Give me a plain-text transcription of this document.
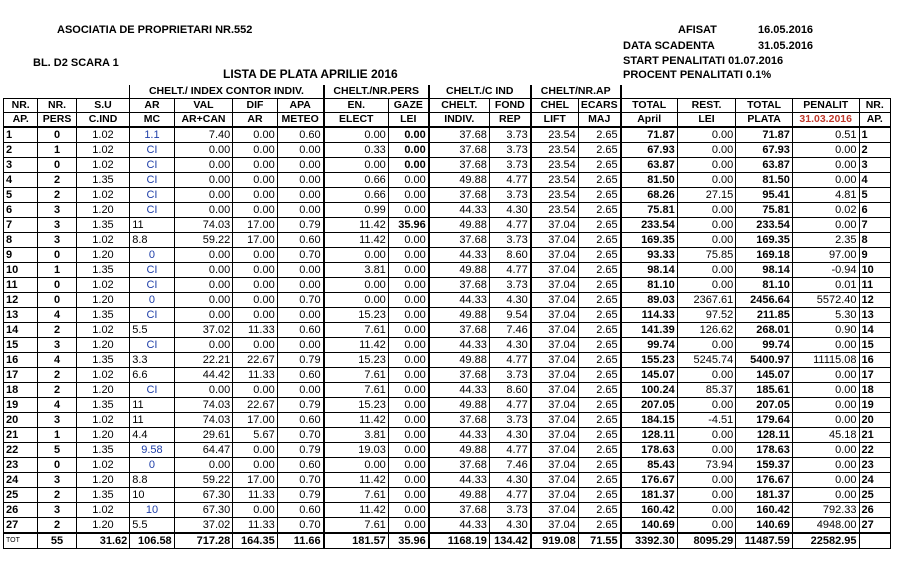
ASOCIATIA DE PROPRIETARI NR.552
BL. D2 SCARA 1
LISTA DE PLATA APRILIE 2016
AFISAT	16.05.2016
DATA SCADENTA	31.05.2016
START PENALITATI 01.07.2016
PROCENT PENALITATI 0.1%
			CHELT./ INDEX CONTOR INDIV.				CHELT./NR.PERS		CHELT./C IND		CHELT/NR.AP						
NR.	NR.	S.U	AR	VAL	DIF	APA	EN.	GAZE	CHELT.	FOND	CHEL	ECARS	TOTAL	REST.	TOTAL	PENALIT	NR.
AP.	PERS	C.IND	MC	AR+CAN	AR	METEO	ELECT	LEI	INDIV.	REP	LIFT	MAJ	April	LEI	PLATA	31.03.2016	AP.
1	0	1.02	1.1	7.40	0.00	0.60	0.00	0.00	37.68	3.73	23.54	2.65	71.87	0.00	71.87	0.51	1
2	1	1.02	CI	0.00	0.00	0.00	0.33	0.00	37.68	3.73	23.54	2.65	67.93	0.00	67.93	0.00	2
3	0	1.02	CI	0.00	0.00	0.00	0.00	0.00	37.68	3.73	23.54	2.65	63.87	0.00	63.87	0.00	3
4	2	1.35	CI	0.00	0.00	0.00	0.66	0.00	49.88	4.77	23.54	2.65	81.50	0.00	81.50	0.00	4
5	2	1.02	CI	0.00	0.00	0.00	0.66	0.00	37.68	3.73	23.54	2.65	68.26	27.15	95.41	4.81	5
6	3	1.20	CI	0.00	0.00	0.00	0.99	0.00	44.33	4.30	23.54	2.65	75.81	0.00	75.81	0.02	6
7	3	1.35	11	74.03	17.00	0.79	11.42	35.96	49.88	4.77	37.04	2.65	233.54	0.00	233.54	0.00	7
8	3	1.02	8.8	59.22	17.00	0.60	11.42	0.00	37.68	3.73	37.04	2.65	169.35	0.00	169.35	2.35	8
9	0	1.20	0	0.00	0.00	0.70	0.00	0.00	44.33	8.60	37.04	2.65	93.33	75.85	169.18	97.00	9
10	1	1.35	CI	0.00	0.00	0.00	3.81	0.00	49.88	4.77	37.04	2.65	98.14	0.00	98.14	-0.94	10
11	0	1.02	CI	0.00	0.00	0.00	0.00	0.00	37.68	3.73	37.04	2.65	81.10	0.00	81.10	0.01	11
12	0	1.20	0	0.00	0.00	0.70	0.00	0.00	44.33	4.30	37.04	2.65	89.03	2367.61	2456.64	5572.40	12
13	4	1.35	CI	0.00	0.00	0.00	15.23	0.00	49.88	9.54	37.04	2.65	114.33	97.52	211.85	5.30	13
14	2	1.02	5.5	37.02	11.33	0.60	7.61	0.00	37.68	7.46	37.04	2.65	141.39	126.62	268.01	0.90	14
15	3	1.20	CI	0.00	0.00	0.00	11.42	0.00	44.33	4.30	37.04	2.65	99.74	0.00	99.74	0.00	15
16	4	1.35	3.3	22.21	22.67	0.79	15.23	0.00	49.88	4.77	37.04	2.65	155.23	5245.74	5400.97	11115.08	16
17	2	1.02	6.6	44.42	11.33	0.60	7.61	0.00	37.68	3.73	37.04	2.65	145.07	0.00	145.07	0.00	17
18	2	1.20	CI	0.00	0.00	0.00	7.61	0.00	44.33	8.60	37.04	2.65	100.24	85.37	185.61	0.00	18
19	4	1.35	11	74.03	22.67	0.79	15.23	0.00	49.88	4.77	37.04	2.65	207.05	0.00	207.05	0.00	19
20	3	1.02	11	74.03	17.00	0.60	11.42	0.00	37.68	3.73	37.04	2.65	184.15	-4.51	179.64	0.00	20
21	1	1.20	4.4	29.61	5.67	0.70	3.81	0.00	44.33	4.30	37.04	2.65	128.11	0.00	128.11	45.18	21
22	5	1.35	9.58	64.47	0.00	0.79	19.03	0.00	49.88	4.77	37.04	2.65	178.63	0.00	178.63	0.00	22
23	0	1.02	0	0.00	0.00	0.60	0.00	0.00	37.68	7.46	37.04	2.65	85.43	73.94	159.37	0.00	23
24	3	1.20	8.8	59.22	17.00	0.70	11.42	0.00	44.33	4.30	37.04	2.65	176.67	0.00	176.67	0.00	24
25	2	1.35	10	67.30	11.33	0.79	7.61	0.00	49.88	4.77	37.04	2.65	181.37	0.00	181.37	0.00	25
26	3	1.02	10	67.30	0.00	0.60	11.42	0.00	37.68	3.73	37.04	2.65	160.42	0.00	160.42	792.33	26
27	2	1.20	5.5	37.02	11.33	0.70	7.61	0.00	44.33	4.30	37.04	2.65	140.69	0.00	140.69	4948.00	27
TOT	55	31.62	106.58	717.28	164.35	11.66	181.57	35.96	1168.19	134.42	919.08	71.55	3392.30	8095.29	11487.59	22582.95	
